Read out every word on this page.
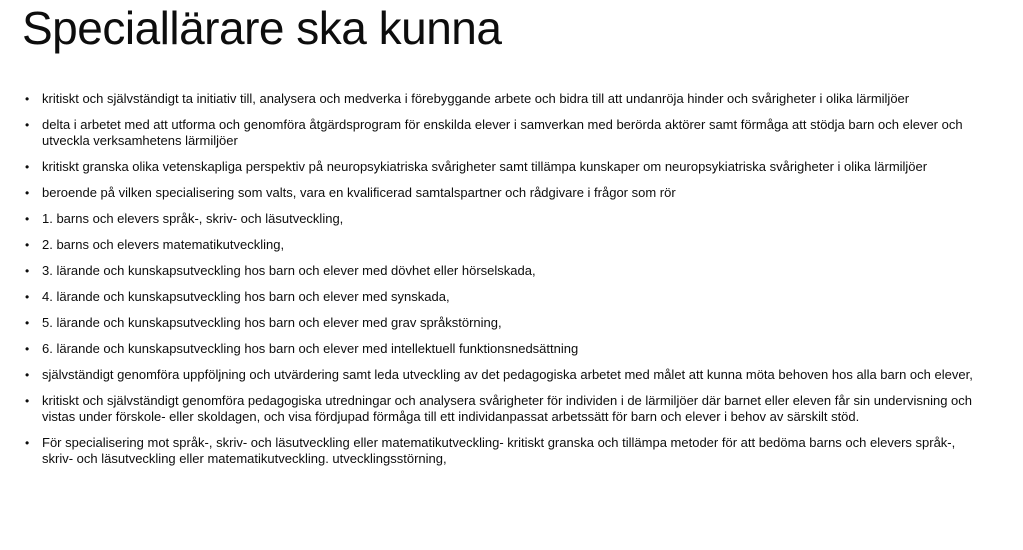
Speciallärare ska kunna
• kritiskt och självständigt ta initiativ till, analysera och medverka i förebyggande arbete och bidra till att undanröja hinder och svårigheter i olika lärmiljöer
• delta i arbetet med att utforma och genomföra åtgärdsprogram för enskilda elever i samverkan med berörda aktörer samt förmåga att stödja barn och elever och utveckla verksamhetens lärmiljöer
• kritiskt granska olika vetenskapliga perspektiv på neuropsykiatriska svårigheter samt tillämpa kunskaper om neuropsykiatriska svårigheter i olika lärmiljöer
• beroende på vilken specialisering som valts, vara en kvalificerad samtalspartner och rådgivare i frågor som rör
• 1. barns och elevers språk-, skriv- och läsutveckling,
• 2. barns och elevers matematikutveckling,
• 3. lärande och kunskapsutveckling hos barn och elever med dövhet eller hörselskada,
• 4. lärande och kunskapsutveckling hos barn och elever med synskada,
• 5. lärande och kunskapsutveckling hos barn och elever med grav språkstörning,
• 6. lärande och kunskapsutveckling hos barn och elever med intellektuell funktionsnedsättning
• självständigt genomföra uppföljning och utvärdering samt leda utveckling av det pedagogiska arbetet med målet att kunna möta behoven hos alla barn och elever,
• kritiskt och självständigt genomföra pedagogiska utredningar och analysera svårigheter för individen i de lärmiljöer där barnet eller eleven får sin undervisning och vistas under förskole- eller skoldagen, och visa fördjupad förmåga till ett individanpassat arbetssätt för barn och elever i behov av särskilt stöd.
• För specialisering mot språk-, skriv- och läsutveckling eller matematikutveckling- kritiskt granska och tillämpa metoder för att bedöma barns och elevers språk-, skriv- och läsutveckling eller matematikutveckling. utvecklingsstörning,
